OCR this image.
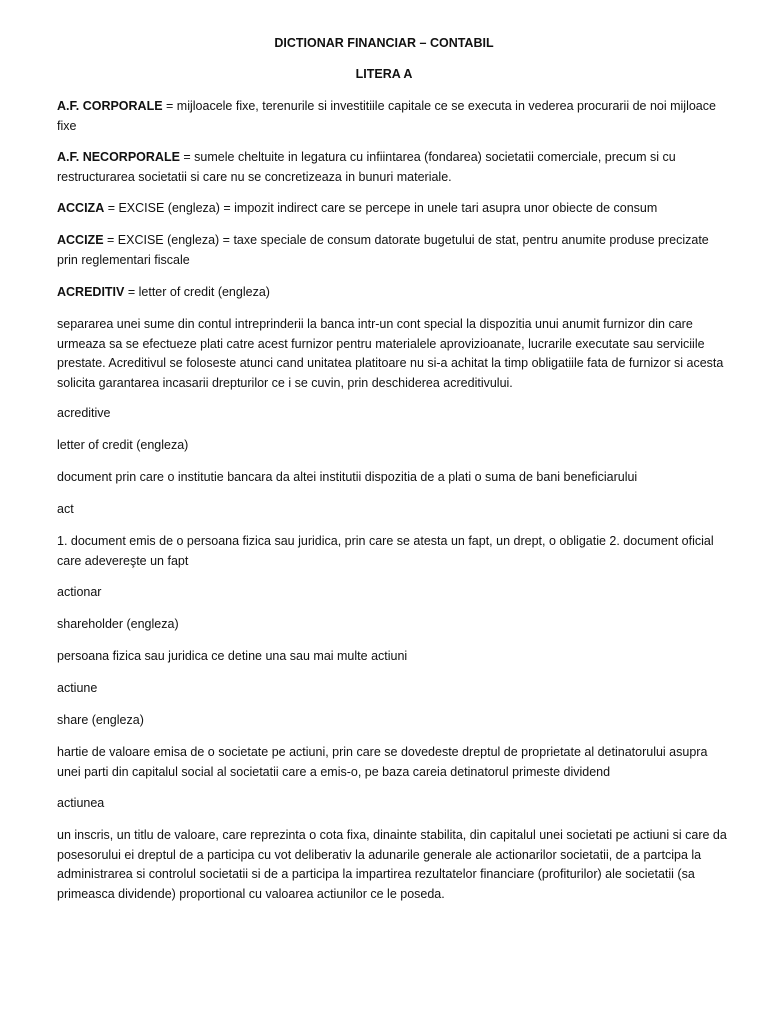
DICTIONAR FINANCIAR – CONTABIL
LITERA A
A.F. CORPORALE = mijloacele fixe, terenurile si investitiile capitale ce se executa in vederea procurarii de noi mijloace fixe
A.F. NECORPORALE = sumele cheltuite in legatura cu infiintarea (fondarea) societatii comerciale, precum si cu restructurarea societatii si care nu se concretizeaza in bunuri materiale.
ACCIZA = EXCISE (engleza) = impozit indirect care se percepe in unele tari asupra unor obiecte de consum
ACCIZE = EXCISE (engleza) = taxe speciale de consum datorate bugetului de stat, pentru anumite produse precizate prin reglementari fiscale
ACREDITIV = letter of credit (engleza)
separarea unei sume din contul intreprinderii la banca intr-un cont special la dispozitia unui anumit furnizor din care urmeaza sa se efectueze plati catre acest furnizor pentru materialele aprovizioanate, lucrarile executate sau serviciile prestate. Acreditivul se foloseste atunci cand unitatea platitoare nu si-a achitat la timp obligatiile fata de furnizor si acesta solicita garantarea incasarii drepturilor ce i se cuvin, prin deschiderea acreditivului.
acreditive
letter of credit (engleza)
document prin care o institutie bancara da altei institutii dispozitia de a plati o suma de bani beneficiarului
act
1. document emis de o persoana fizica sau juridica, prin care se atesta un fapt, un drept, o obligatie 2. document oficial care adevereşte un fapt
actionar
shareholder (engleza)
persoana fizica sau juridica ce detine una sau mai multe actiuni
actiune
share (engleza)
hartie de valoare emisa de o societate pe actiuni, prin care se dovedeste dreptul de proprietate al detinatorului asupra unei parti din capitalul social al societatii care a emis-o, pe baza careia detinatorul primeste dividend
actiunea
un inscris, un titlu de valoare, care reprezinta o cota fixa, dinainte stabilita, din capitalul unei societati pe actiuni si care da posesorului ei dreptul de a participa cu vot deliberativ la adunarile generale ale actionarilor societatii, de a partcipa la administrarea si controlul societatii si de a participa la impartirea rezultatelor financiare (profiturilor) ale societatii (sa primeasca dividende) proportional cu valoarea actiunilor ce le poseda.
